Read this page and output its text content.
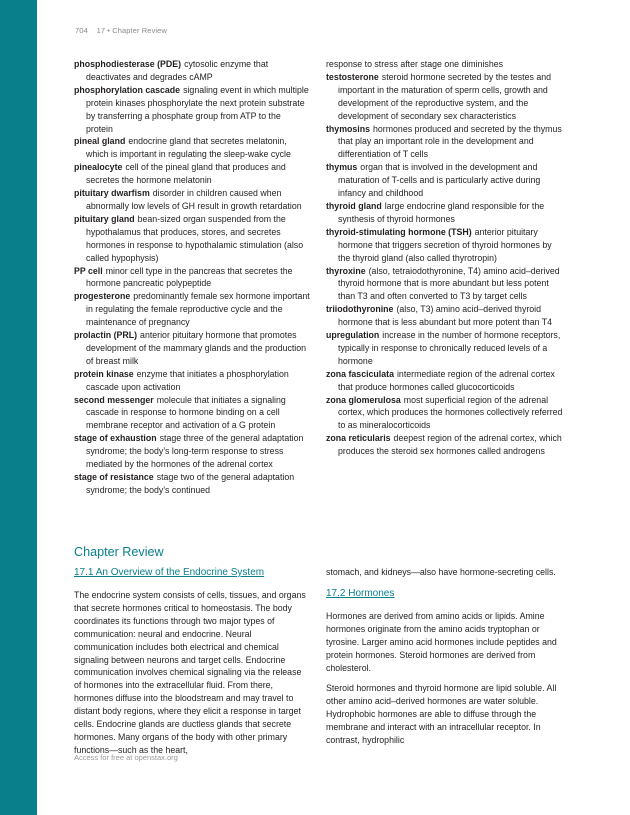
704 17 • Chapter Review

phosphodiesterase (PDE) cytosolic enzyme that deactivates and degrades cAMP

phosphorylation cascade signaling event in which multiple protein kinases phosphorylate the next protein substrate by transferring a phosphate group from ATP to the protein

pineal gland endocrine gland that secretes melatonin, which is important in regulating the sleep-wake cycle

pinealocyte cell of the pineal gland that produces and secretes the hormone melatonin

pituitary dwarfism disorder in children caused when abnormally low levels of GH result in growth retardation

pituitary gland bean-sized organ suspended from the hypothalamus that produces, stores, and secretes hormones in response to hypothalamic stimulation (also called hypophysis)

PP cell minor cell type in the pancreas that secretes the hormone pancreatic polypeptide

progesterone predominantly female sex hormone important in regulating the female reproductive cycle and the maintenance of pregnancy

prolactin (PRL) anterior pituitary hormone that promotes development of the mammary glands and the production of breast milk

protein kinase enzyme that initiates a phosphorylation cascade upon activation

second messenger molecule that initiates a signaling cascade in response to hormone binding on a cell membrane receptor and activation of a G protein

stage of exhaustion stage three of the general adaptation syndrome; the body’s long-term response to stress mediated by the hormones of the adrenal cortex

stage of resistance stage two of the general adaptation syndrome; the body’s continued

response to stress after stage one diminishes

testosterone steroid hormone secreted by the testes and important in the maturation of sperm cells, growth and development of the reproductive system, and the development of secondary sex characteristics

thymosins hormones produced and secreted by the thymus that play an important role in the development and differentiation of T cells

thymus organ that is involved in the development and maturation of T-cells and is particularly active during infancy and childhood

thyroid gland large endocrine gland responsible for the synthesis of thyroid hormones

thyroid-stimulating hormone (TSH) anterior pituitary hormone that triggers secretion of thyroid hormones by the thyroid gland (also called thyrotropin)

thyroxine (also, tetraiodothyronine, T4) amino acid–derived thyroid hormone that is more abundant but less potent than T3 and often converted to T3 by target cells

triiodothyronine (also, T3) amino acid–derived thyroid hormone that is less abundant but more potent than T4

upregulation increase in the number of hormone receptors, typically in response to chronically reduced levels of a hormone

zona fasciculata intermediate region of the adrenal cortex that produce hormones called glucocorticoids

zona glomerulosa most superficial region of the adrenal cortex, which produces the hormones collectively referred to as mineralocorticoids

zona reticularis deepest region of the adrenal cortex, which produces the steroid sex hormones called androgens

Chapter Review
17.1 An Overview of the Endocrine System

The endocrine system consists of cells, tissues, and organs that secrete hormones critical to homeostasis. The body coordinates its functions through two major types of communication: neural and endocrine. Neural communication includes both electrical and chemical signaling between neurons and target cells. Endocrine communication involves chemical signaling via the release of hormones into the extracellular fluid. From there, hormones diffuse into the bloodstream and may travel to distant body regions, where they elicit a response in target cells. Endocrine glands are ductless glands that secrete hormones. Many organs of the body with other primary functions—such as the heart,

stomach, and kidneys—also have hormone-secreting cells.

17.2 Hormones

Hormones are derived from amino acids or lipids. Amine hormones originate from the amino acids tryptophan or tyrosine. Larger amino acid hormones include peptides and protein hormones. Steroid hormones are derived from cholesterol.

Steroid hormones and thyroid hormone are lipid soluble. All other amino acid–derived hormones are water soluble. Hydrophobic hormones are able to diffuse through the membrane and interact with an intracellular receptor. In contrast, hydrophilic

Access for free at openstax.org
